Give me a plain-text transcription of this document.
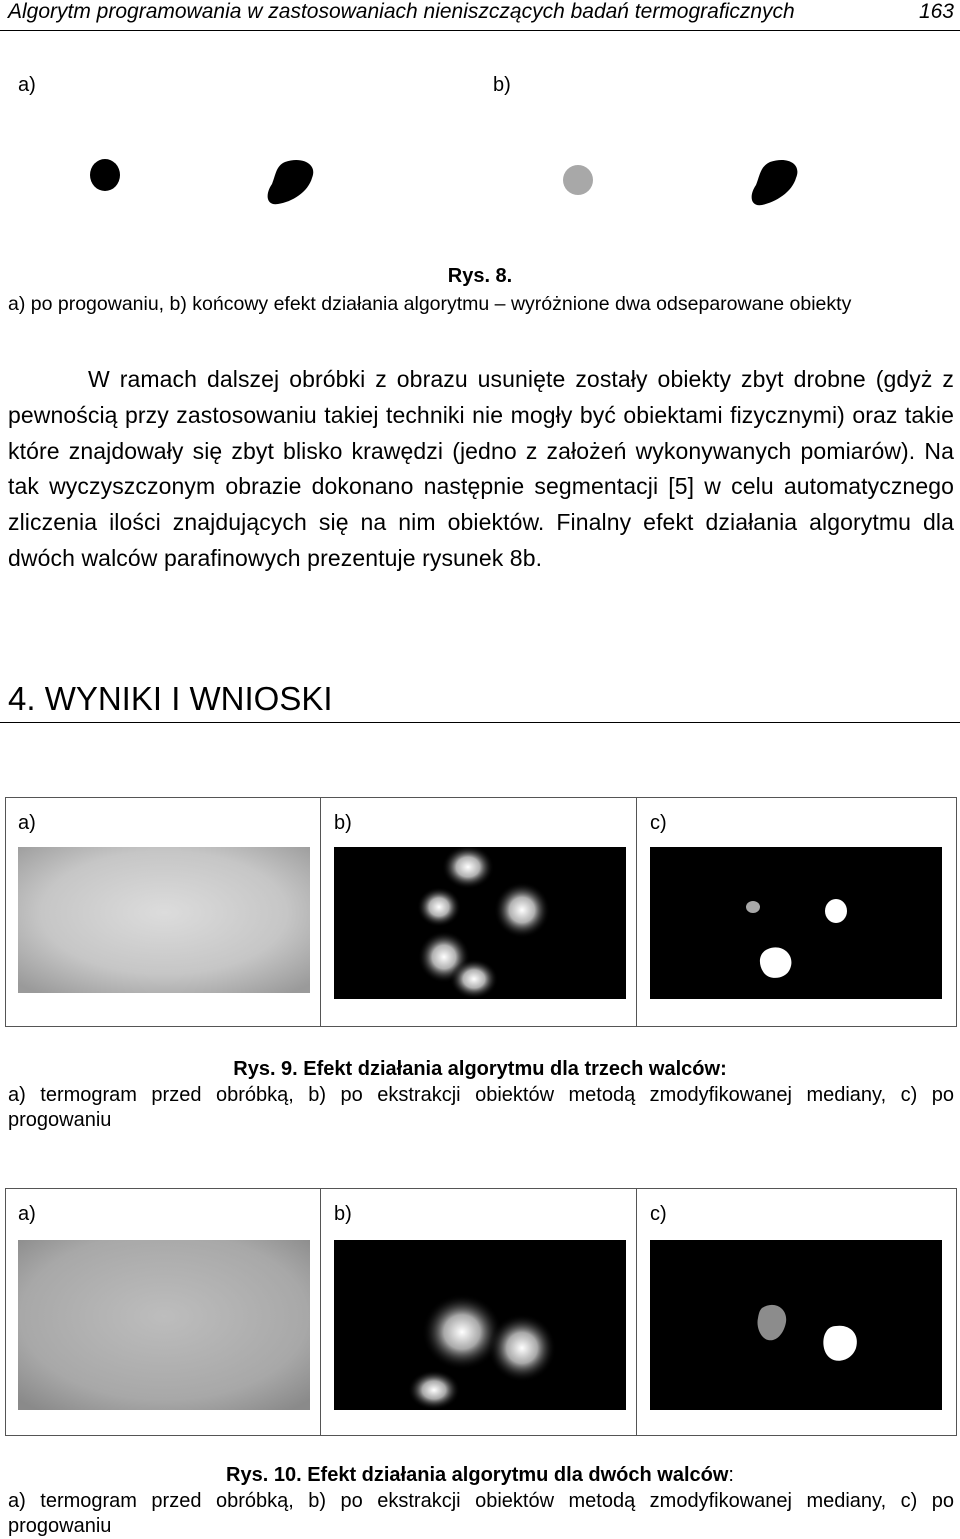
Algorytm programowania w zastosowaniach nieniszczących badań termograficznych	163
a)	b)
Rys. 8.
a) po progowaniu, b) końcowy efekt działania algorytmu – wyróżnione dwa odseparowane obiekty
W ramach dalszej obróbki z obrazu usunięte zostały obiekty zbyt drobne (gdyż z pewnością przy zastosowaniu takiej techniki nie mogły być obiektami fizycznymi) oraz takie które znajdowały się zbyt blisko krawędzi (jedno z założeń wykonywanych pomiarów). Na tak wyczyszczonym obrazie dokonano następnie segmentacji [5] w celu automatycznego zliczenia ilości znajdujących się na nim obiektów. Finalny efekt działania algorytmu dla dwóch walców parafinowych prezentuje rysunek 8b.
4. WYNIKI I WNIOSKI
a)	b)	c)
Rys. 9. Efekt działania algorytmu dla trzech walców:
a) termogram przed obróbką, b) po ekstrakcji obiektów metodą zmodyfikowanej mediany, c) po progowaniu
a)	b)	c)
Rys. 10. Efekt działania algorytmu dla dwóch walców:
a) termogram przed obróbką, b) po ekstrakcji obiektów metodą zmodyfikowanej mediany, c) po progowaniu
